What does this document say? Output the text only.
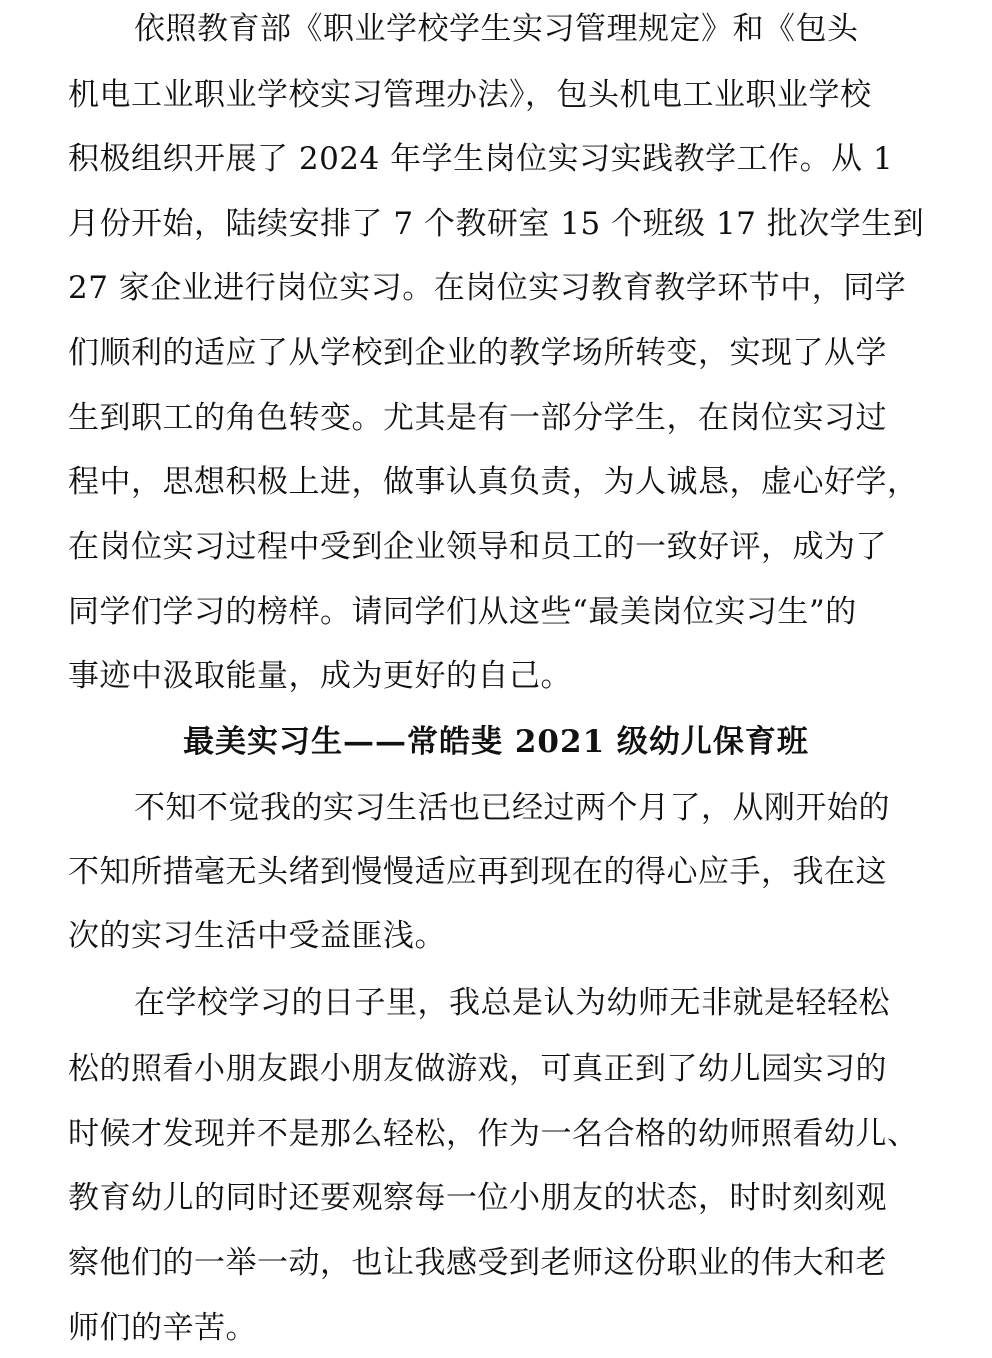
依照教育部《职业学校学生实习管理规定》和《包头
机电工业职业学校实习管理办法》，包头机电工业职业学校
积极组织开展了 2024 年学生岗位实习实践教学工作。从 1
月份开始，陆续安排了 7 个教研室 15 个班级 17 批次学生到
27 家企业进行岗位实习。在岗位实习教育教学环节中，同学
们顺利的适应了从学校到企业的教学场所转变，实现了从学
生到职工的角色转变。尤其是有一部分学生，在岗位实习过
程中，思想积极上进，做事认真负责，为人诚恳，虚心好学，
在岗位实习过程中受到企业领导和员工的一致好评，成为了
同学们学习的榜样。请同学们从这些“最美岗位实习生”的
事迹中汲取能量，成为更好的自己。
最美实习生——常皓斐 2021 级幼儿保育班
不知不觉我的实习生活也已经过两个月了，从刚开始的
不知所措毫无头绪到慢慢适应再到现在的得心应手，我在这
次的实习生活中受益匪浅。
在学校学习的日子里，我总是认为幼师无非就是轻轻松
松的照看小朋友跟小朋友做游戏，可真正到了幼儿园实习的
时候才发现并不是那么轻松，作为一名合格的幼师照看幼儿、
教育幼儿的同时还要观察每一位小朋友的状态，时时刻刻观
察他们的一举一动，也让我感受到老师这份职业的伟大和老
师们的辛苦。
